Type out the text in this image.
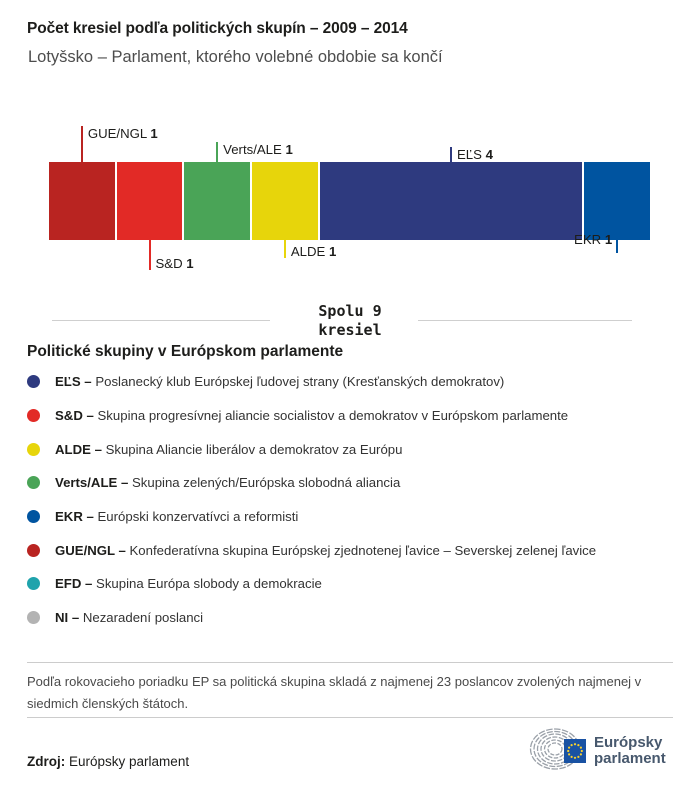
Počet kresiel podľa politických skupín – 2009 – 2014
Lotyšsko – Parlament, ktorého volebné obdobie sa končí
GUE/NGL 1
S&D 1
Verts/ALE 1
ALDE 1
EĽS 4
EKR 1
Spolu 9
kresiel
Politické skupiny v Európskom parlamente
EĽS – Poslanecký klub Európskej ľudovej strany (Kresťanských demokratov)
S&D – Skupina progresívnej aliancie socialistov a demokratov v Európskom parlamente
ALDE – Skupina Aliancie liberálov a demokratov za Európu
Verts/ALE – Skupina zelených/Európska slobodná aliancia
EKR – Európski konzervatívci a reformisti
GUE/NGL – Konfederatívna skupina Európskej zjednotenej ľavice – Severskej zelenej ľavice
EFD – Skupina Európa slobody a demokracie
NI – Nezaradení poslanci
Podľa rokovacieho poriadku EP sa politická skupina skladá z najmenej 23 poslancov zvolených najmenej v siedmich členských štátoch.
Zdroj: Európsky parlament
Európsky
parlament
